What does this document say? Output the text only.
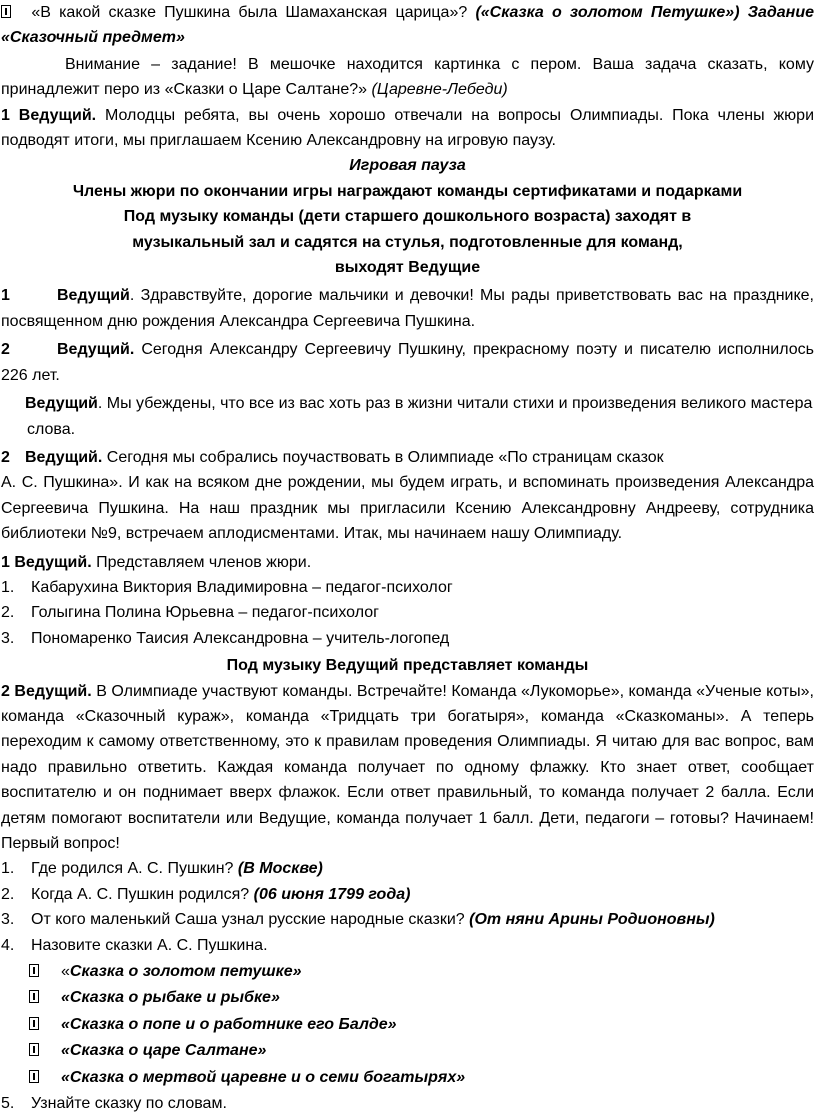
«В какой сказке Пушкина была Шамаханская царица»? («Сказка о золотом Петушке») Задание «Сказочный предмет»

Внимание – задание! В мешочке находится картинка с пером. Ваша задача сказать, кому принадлежит перо из «Сказки о Царе Салтане?» (Царевне-Лебеди)

1 Ведущий. Молодцы ребята, вы очень хорошо отвечали на вопросы Олимпиады. Пока члены жюри подводят итоги, мы приглашаем Ксению Александровну на игровую паузу.

Игровая пауза

Члены жюри по окончании игры награждают команды сертификатами и подарками

Под музыку команды (дети старшего дошкольного возраста) заходят в

музыкальный зал и садятся на стулья, подготовленные для команд,

выходят Ведущие

1	Ведущий. Здравствуйте, дорогие мальчики и девочки! Мы рады приветствовать вас на празднике, посвященном дню рождения Александра Сергеевича Пушкина.

2	Ведущий. Сегодня Александру Сергеевичу Пушкину, прекрасному поэту и писателю исполнилось 226 лет.

Ведущий. Мы убеждены, что все из вас хоть раз в жизни читали стихи и произведения великого мастера слова.

2 Ведущий. Сегодня мы собрались поучаствовать в Олимпиаде «По страницам сказок

А. С. Пушкина». И как на всяком дне рождении, мы будем играть, и вспоминать произведения Александра Сергеевича Пушкина. На наш праздник мы пригласили Ксению Александровну Андрееву, сотрудника библиотеки №9, встречаем аплодисментами. Итак, мы начинаем нашу Олимпиаду.

1 Ведущий. Представляем членов жюри.

1.	Кабарухина Виктория Владимировна – педагог-психолог
2.	Голыгина Полина Юрьевна – педагог-психолог
3.	Пономаренко Таисия Александровна – учитель-логопед

Под музыку Ведущий представляет команды

2 Ведущий. В Олимпиаде участвуют команды. Встречайте! Команда «Лукоморье», команда «Ученые коты», команда «Сказочный кураж», команда «Тридцать три богатыря», команда «Сказкоманы». А теперь переходим к самому ответственному, это к правилам проведения Олимпиады. Я читаю для вас вопрос, вам надо правильно ответить. Каждая команда получает по одному флажку. Кто знает ответ, сообщает воспитателю и он поднимает вверх флажок. Если ответ правильный, то команда получает 2 балла. Если детям помогают воспитатели или Ведущие, команда получает 1 балл. Дети, педагоги – готовы? Начинаем! Первый вопрос!

1.	Где родился А. С. Пушкин? (В Москве)
2.	Когда А. С. Пушкин родился? (06 июня 1799 года)
3.	От кого маленький Саша узнал русские народные сказки? (От няни Арины Родионовны)
4.	Назовите сказки А. С. Пушкина.
«Сказка о золотом петушке»
«Сказка о рыбаке и рыбке»
«Сказка о попе и о работнике его Балде»
«Сказка о царе Салтане»
«Сказка о мертвой царевне и о семи богатырях»
5.	Узнайте сказку по словам.
